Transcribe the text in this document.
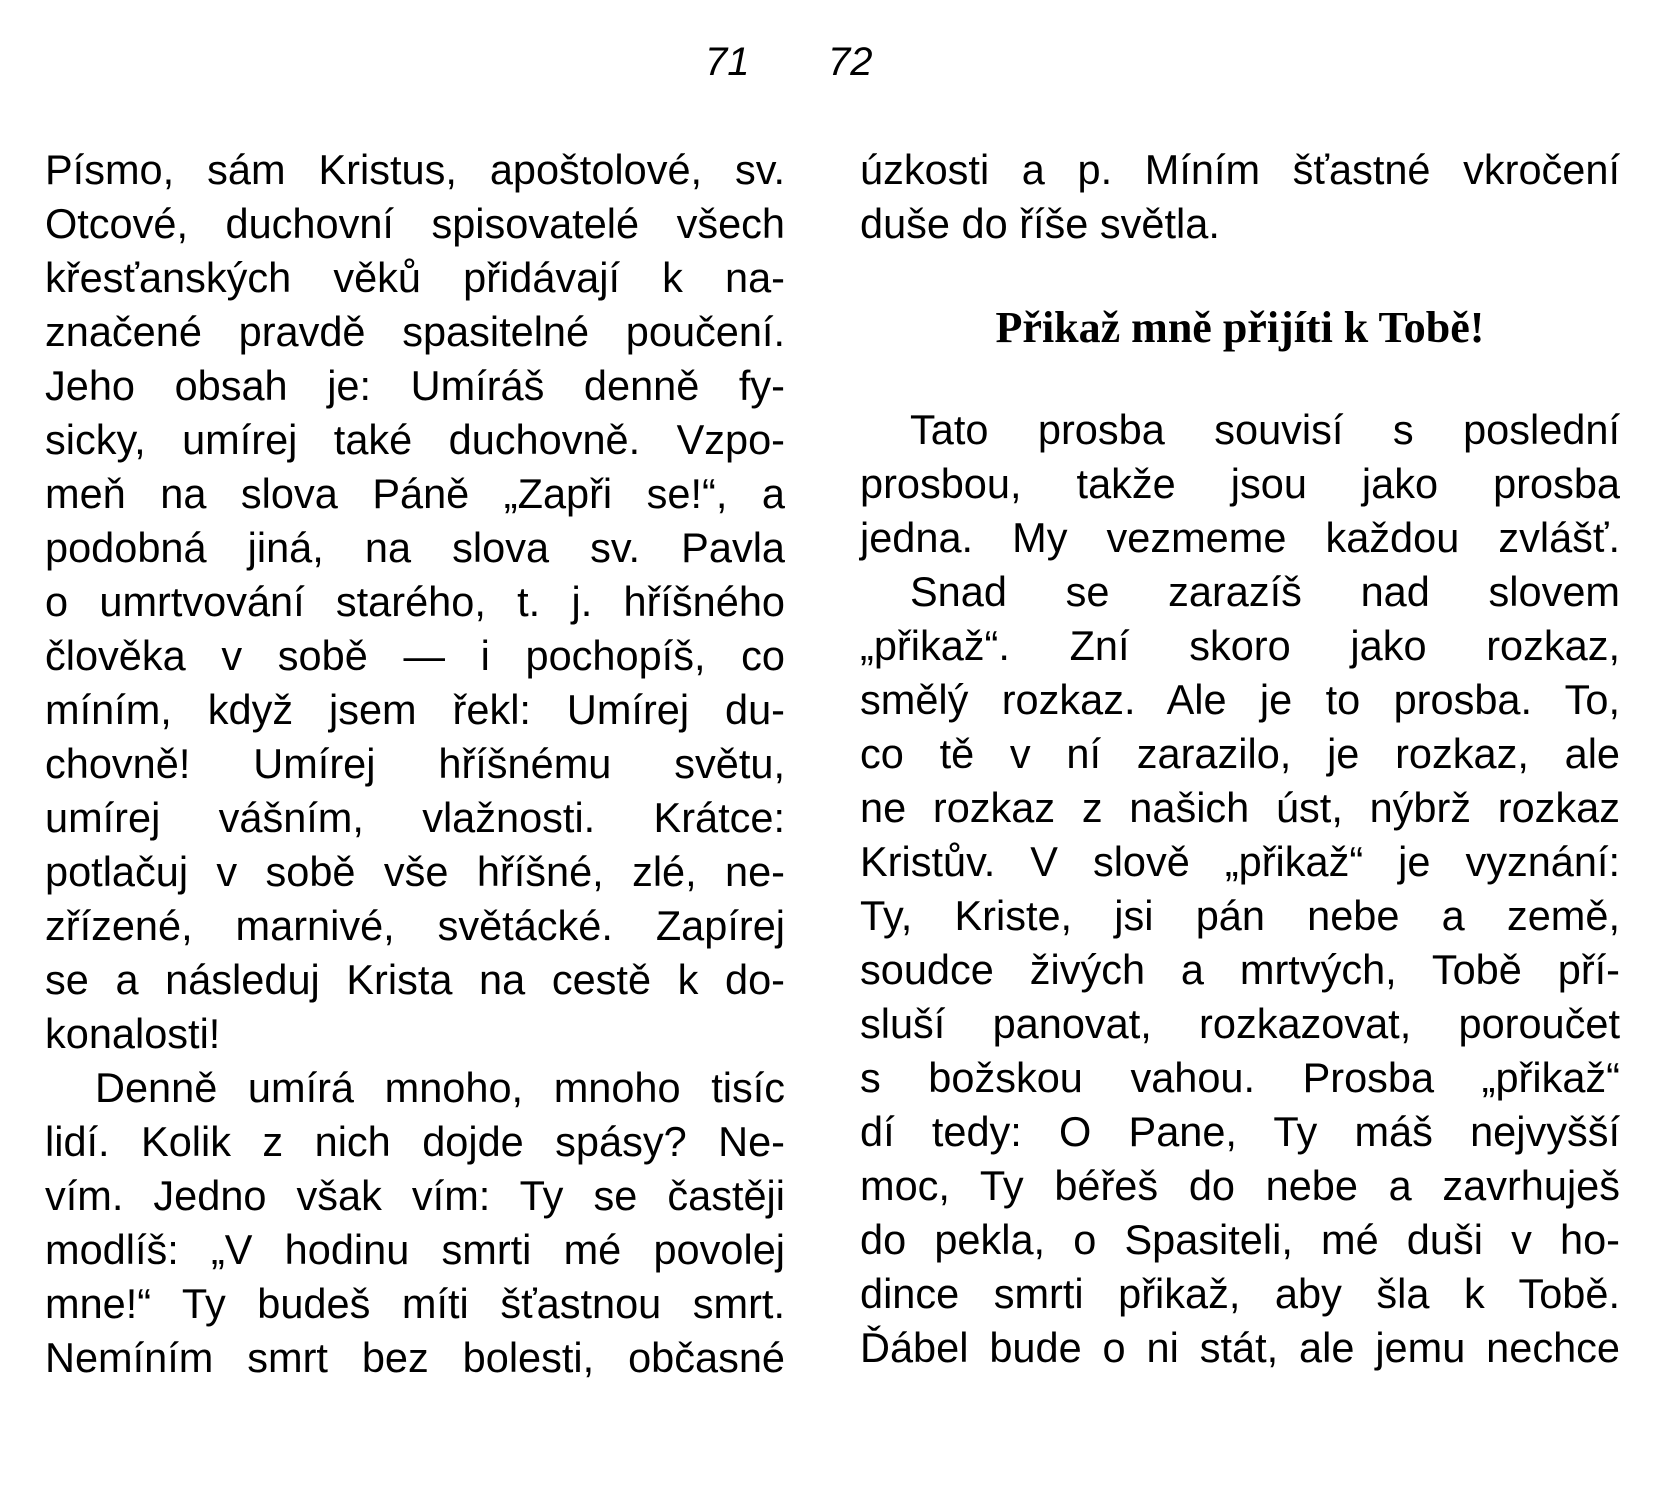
71 72
Písmo, sám Kristus, apoštolové, sv.
Otcové, duchovní spisovatelé všech
křesťanských věků přidávají k na-
značené pravdě spasitelné poučení.
Jeho obsah je: Umíráš denně fy-
sicky, umírej také duchovně. Vzpo-
meň na slova Páně „Zapři se!“, a
podobná jiná, na slova sv. Pavla
o umrtvování starého, t. j. hříšného
člověka v sobě — i pochopíš, co
míním, když jsem řekl: Umírej du-
chovně! Umírej hříšnému světu,
umírej vášním, vlažnosti. Krátce:
potlačuj v sobě vše hříšné, zlé, ne-
zřízené, marnivé, světácké. Zapírej
se a následuj Krista na cestě k do-
konalosti!
Denně umírá mnoho, mnoho tisíc
lidí. Kolik z nich dojde spásy? Ne-
vím. Jedno však vím: Ty se častěji
modlíš: „V hodinu smrti mé povolej
mne!“ Ty budeš míti šťastnou smrt.
Nemíním smrt bez bolesti, občasné
úzkosti a p. Míním šťastné vkročení
duše do říše světla.
Přikaž mně přijíti k Tobě!
Tato prosba souvisí s poslední
prosbou, takže jsou jako prosba
jedna. My vezmeme každou zvlášť.
Snad se zarazíš nad slovem
„přikaž“. Zní skoro jako rozkaz,
smělý rozkaz. Ale je to prosba. To,
co tě v ní zarazilo, je rozkaz, ale
ne rozkaz z našich úst, nýbrž rozkaz
Kristův. V slově „přikaž“ je vyznání:
Ty, Kriste, jsi pán nebe a země,
soudce živých a mrtvých, Tobě pří-
sluší panovat, rozkazovat, poroučet
s božskou vahou. Prosba „přikaž“
dí tedy: O Pane, Ty máš nejvyšší
moc, Ty béřeš do nebe a zavrhuješ
do pekla, o Spasiteli, mé duši v ho-
dince smrti přikaž, aby šla k Tobě.
Ďábel bude o ni stát, ale jemu nechce
